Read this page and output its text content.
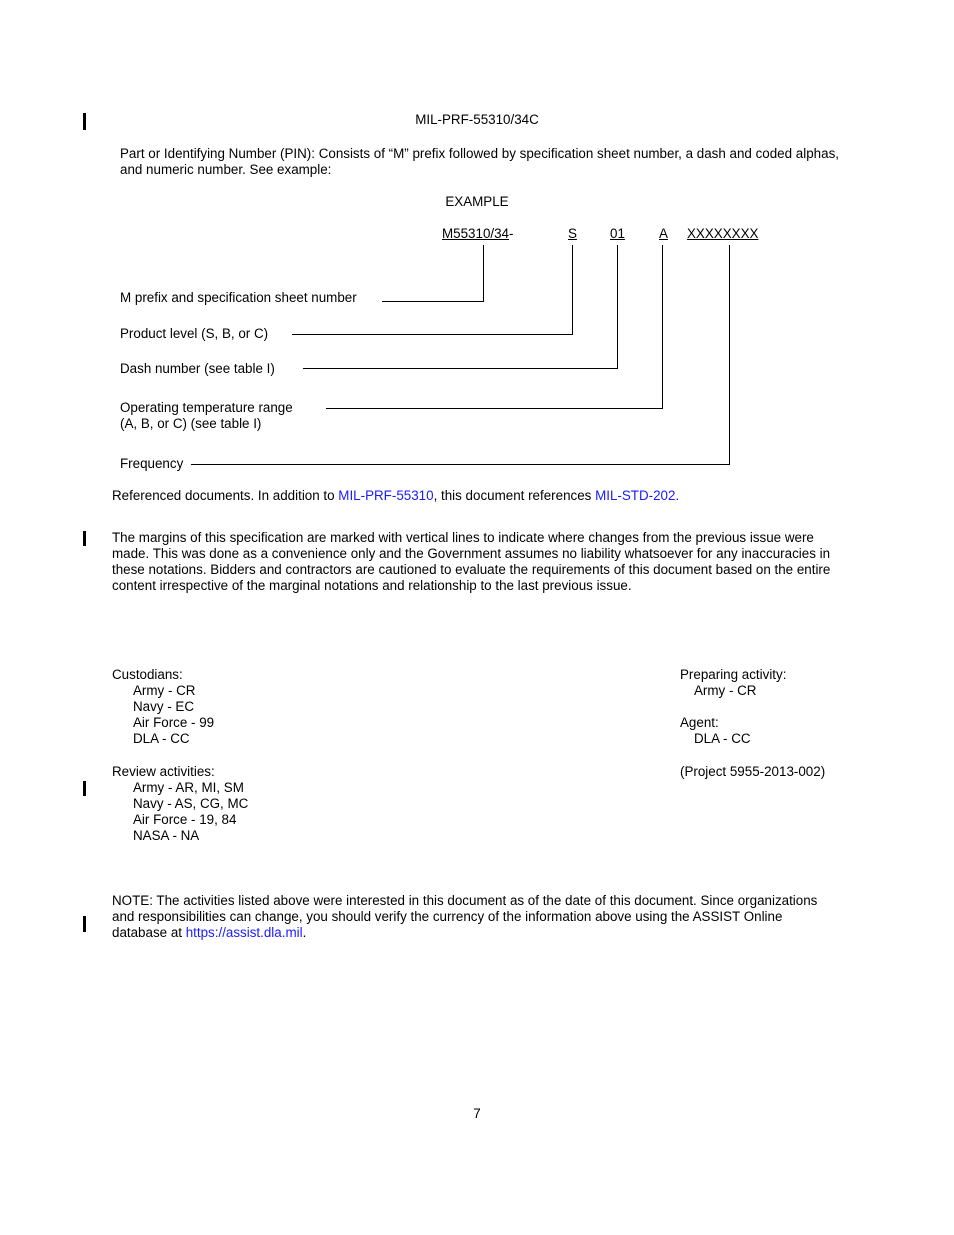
MIL-PRF-55310/34C
Part or Identifying Number (PIN): Consists of “M” prefix followed by specification sheet number, a dash and coded alphas, and numeric number. See example:
EXAMPLE
M55310/34-	S 01	A XXXXXXXX
M prefix and specification sheet number
Product level (S, B, or C)
Dash number (see table I)
Operating temperature range
(A, B, or C) (see table I)
Frequency
Referenced documents. In addition to MIL-PRF-55310, this document references MIL-STD-202.
The margins of this specification are marked with vertical lines to indicate where changes from the previous issue were made. This was done as a convenience only and the Government assumes no liability whatsoever for any inaccuracies in these notations. Bidders and contractors are cautioned to evaluate the requirements of this document based on the entire content irrespective of the marginal notations and relationship to the last previous issue.
Custodians:
Army - CR
Navy - EC
Air Force - 99
DLA - CC
Review activities:
Army - AR, MI, SM
Navy - AS, CG, MC
Air Force - 19, 84
NASA - NA
Preparing activity:
Army - CR
Agent:
DLA - CC
(Project 5955-2013-002)
NOTE: The activities listed above were interested in this document as of the date of this document. Since organizations and responsibilities can change, you should verify the currency of the information above using the ASSIST Online database at https://assist.dla.mil.
7
